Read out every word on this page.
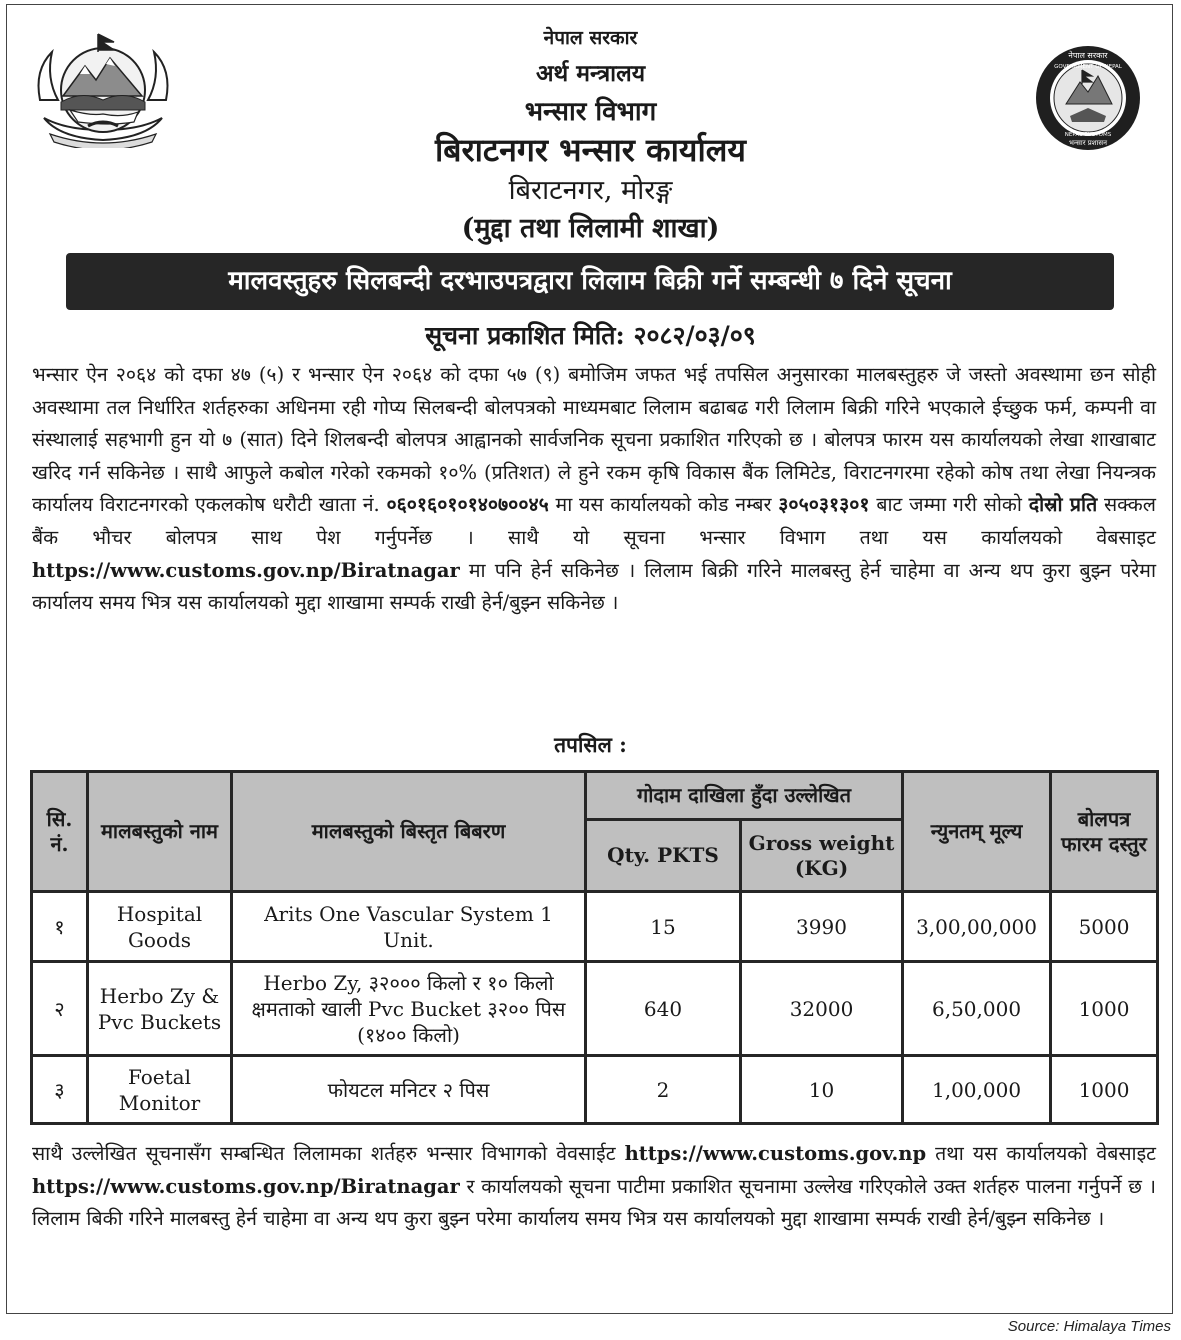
नेपाल सरकार
GOVERNMENT OF NEPAL
NEPAL CUSTOMS
भन्सार प्रशासन
नेपाल सरकार
अर्थ मन्त्रालय
भन्सार विभाग
बिराटनगर भन्सार कार्यालय
बिराटनगर, मोरङ्ग
(मुद्दा तथा लिलामी शाखा)
मालवस्तुहरु सिलबन्दी दरभाउपत्रद्वारा लिलाम बिक्री गर्ने सम्बन्धी ७ दिने सूचना
सूचना प्रकाशित मिति: २०८२/०३/०९

भन्सार ऐन २०६४ को दफा ४७ (५) र भन्सार ऐन २०६४ को दफा ५७ (९) बमोजिम जफत भई तपसिल अनुसारका मालबस्तुहरु जे जस्तो अवस्थामा छन सोही अवस्थामा तल निर्धारित शर्तहरुका अधिनमा रही गोप्य सिलबन्दी बोलपत्रको माध्यमबाट लिलाम बढाबढ गरी लिलाम बिक्री गरिने भएकाले ईच्छुक फर्म, कम्पनी वा संस्थालाई सहभागी हुन यो ७ (सात) दिने शिलबन्दी बोलपत्र आह्वानको सार्वजनिक सूचना प्रकाशित गरिएको छ । बोलपत्र फारम यस कार्यालयको लेखा शाखाबाट खरिद गर्न सकिनेछ । साथै आफुले कबोल गरेको रकमको १०% (प्रतिशत) ले हुने रकम कृषि विकास बैंक लिमिटेड, विराटनगरमा रहेको कोष तथा लेखा नियन्त्रक कार्यालय विराटनगरको एकलकोष धरौटी खाता नं. ०६०१६०१०१४०७००४५ मा यस कार्यालयको कोड नम्बर ३०५०३१३०१ बाट जम्मा गरी सोको दोस्रो प्रति सक्कल बैंक भौचर बोलपत्र साथ पेश गर्नुपर्नेछ । साथै यो सूचना भन्सार विभाग तथा यस कार्यालयको वेबसाइट https://www.customs.gov.np/Biratnagar मा पनि हेर्न सकिनेछ । लिलाम बिक्री गरिने मालबस्तु हेर्न चाहेमा वा अन्य थप कुरा बुझ्न परेमा कार्यालय समय भित्र यस कार्यालयको मुद्दा शाखामा सम्पर्क राखी हेर्न/बुझ्न सकिनेछ ।

तपसिल :
सि. नं.	मालबस्तुको नाम	मालबस्तुको बिस्तृत बिबरण	गोदाम दाखिला हुँदा उल्लेखित		न्युनतम् मूल्य	बोलपत्र फारम दस्तुर
			Qty. PKTS	Gross weight (KG)		
१	Hospital Goods	Arits One Vascular System 1 Unit.	15	3990	3,00,00,000	5000
२	Herbo Zy & Pvc Buckets	Herbo Zy, ३२००० किलो र १० किलो क्षमताको खाली Pvc Bucket ३२०० पिस (१४०० किलो)	640	32000	6,50,000	1000
३	Foetal Monitor	फोयटल मनिटर २ पिस	2	10	1,00,000	1000

साथै उल्लेखित सूचनासँग सम्बन्धित लिलामका शर्तहरु भन्सार विभागको वेवसाईट https://www.customs.gov.np तथा यस कार्यालयको वेबसाइट https://www.customs.gov.np/Biratnagar र कार्यालयको सूचना पाटीमा प्रकाशित सूचनामा उल्लेख गरिएकोले उक्त शर्तहरु पालना गर्नुपर्ने छ । लिलाम बिकी गरिने मालबस्तु हेर्न चाहेमा वा अन्य थप कुरा बुझ्न परेमा कार्यालय समय भित्र यस कार्यालयको मुद्दा शाखामा सम्पर्क राखी हेर्न/बुझ्न सकिनेछ ।

Source: Himalaya Times
